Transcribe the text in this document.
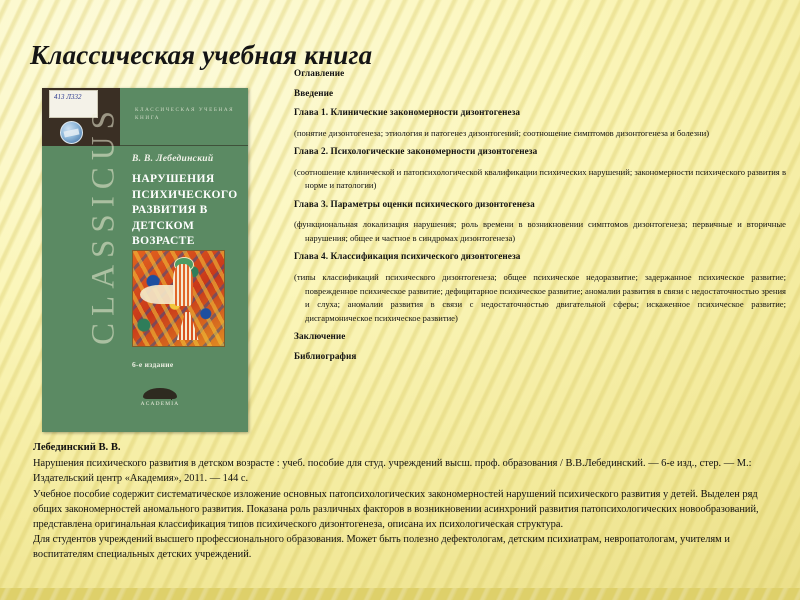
Классическая учебная книга
413 Л332
КЛАССИЧЕСКАЯ УЧЕБНАЯ КНИГА
CLASSICUS В. В. Лебединский
НАРУШЕНИЯ ПСИХИЧЕСКОГО РАЗВИТИЯ В ДЕТСКОМ ВОЗРАСТЕ
6-е издание
АCADEMIA
Оглавление
Введение
Глава 1. Клинические закономерности дизонтогенеза
(понятие дизонтогенеза; этиология и патогенез дизонтогений; соотношение симптомов дизонтогенеза и болезни)
Глава 2. Психологические закономерности дизонтогенеза
(соотношение клинической и патопсихологической квалификации психических нарушений; закономерности психического развития в норме и патологии)
Глава 3. Параметры оценки психического дизонтогенеза
(функциональная локализация нарушения; роль времени в возникновении симптомов дизонтогенеза; первичные и вторичные нарушения; общее и частное в синдромах дизонтогенеза)
Глава 4. Классификация психического дизонтогенеза
(типы классификаций психического дизонтогенеза; общее психическое недоразвитие; задержанное психическое развитие; поврежденное психическое развитие; дефицитарное психическое развитие; аномалии развития в связи с недостаточностью зрения и слуха; аномалии развития в связи с недостаточностью двигательной сферы; искаженное психическое развитие; дисгармоническое психическое развитие)
Заключение
Библиография
Лебединский В. В.

Нарушения психического развития в детском возрасте : учеб. пособие для студ. учреждений высш. проф. образования / В.В.Лебединский. — 6-е изд., стер. — М.: Издательский центр «Академия», 2011. — 144 с.

Учебное пособие содержит систематическое изложение основных патопсихологических закономерностей нарушений психического развития у детей. Выделен ряд общих закономерностей аномального развития. Показана роль различных факторов в возникновении асинхроний развития патопсихологических новообразований, представлена оригинальная классификация типов психического дизонтогенеза, описана их психологическая структура.

Для студентов учреждений высшего профессионального образования. Может быть полезно дефектологам, детским психиатрам, невропатологам, учителям и воспитателям специальных детских учреждений.
